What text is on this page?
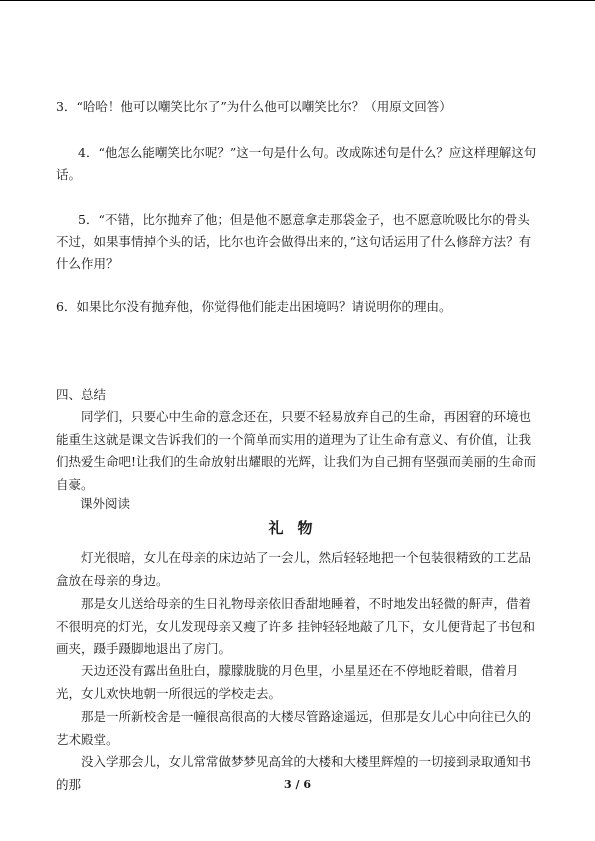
3．“哈哈！他可以嘲笑比尔了”为什么他可以嘲笑比尔？（用原文回答）

4．“他怎么能嘲笑比尔呢？”这一句是什么句。改成陈述句是什么？应这样理解这句话。

5．“不错，比尔抛弃了他；但是他不愿意拿走那袋金子，也不愿意吮吸比尔的骨头不过，如果事情掉个头的话，比尔也许会做得出来的，”这句话运用了什么修辞方法？有什么作用？

6．如果比尔没有抛弃他，你觉得他们能走出困境吗？请说明你的理由。

四、总结

同学们，只要心中生命的意念还在，只要不轻易放弃自己的生命，再困窘的环境也能重生这就是课文告诉我们的一个简单而实用的道理为了让生命有意义、有价值，让我们热爱生命吧!让我们的生命放射出耀眼的光辉，让我们为自己拥有坚强而美丽的生命而自豪。

课外阅读

礼物

灯光很暗，女儿在母亲的床边站了一会儿，然后轻轻地把一个包装很精致的工艺品盒放在母亲的身边。

那是女儿送给母亲的生日礼物母亲依旧香甜地睡着，不时地发出轻微的鼾声，借着不很明亮的灯光，女儿发现母亲又瘦了许多 挂钟轻轻地敲了几下，女儿便背起了书包和画夹，蹑手蹑脚地退出了房门。

天边还没有露出鱼肚白，朦朦胧胧的月色里，小星星还在不停地眨着眼，借着月光，女儿欢快地朝一所很远的学校走去。

那是一所新校舍是一幢很高很高的大楼尽管路途遥远，但那是女儿心中向往已久的艺术殿堂。

没入学那会儿，女儿常常做梦梦见高耸的大楼和大楼里辉煌的一切接到录取通知书的那	3 / 6
